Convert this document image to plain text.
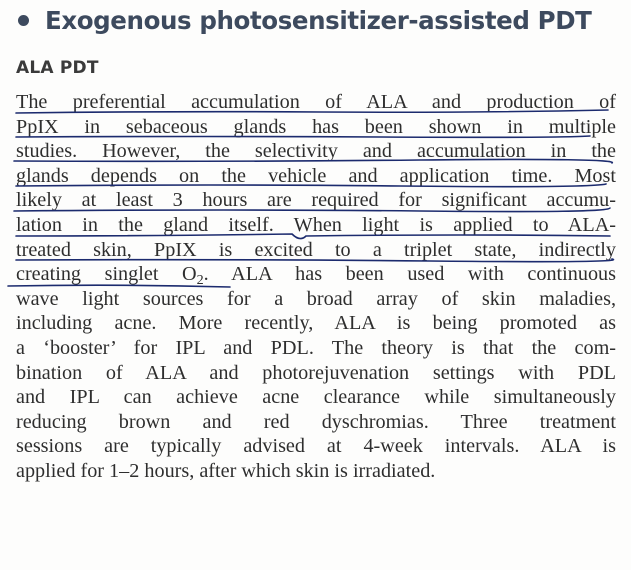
Exogenous photosensitizer-assisted PDT
ALA PDT
The preferential accumulation of ALA and production of
PpIX in sebaceous glands has been shown in multiple
studies. However, the selectivity and accumulation in the
glands depends on the vehicle and application time. Most
likely at least 3 hours are required for significant accumu-
lation in the gland itself. When light is applied to ALA-
treated skin, PpIX is excited to a triplet state, indirectly
creating singlet O2. ALA has been used with continuous
wave light sources for a broad array of skin maladies,
including acne. More recently, ALA is being promoted as
a ‘booster’ for IPL and PDL. The theory is that the com-
bination of ALA and photorejuvenation settings with PDL
and IPL can achieve acne clearance while simultaneously
reducing brown and red dyschromias. Three treatment
sessions are typically advised at 4-week intervals. ALA is
applied for 1–2 hours, after which skin is irradiated.
